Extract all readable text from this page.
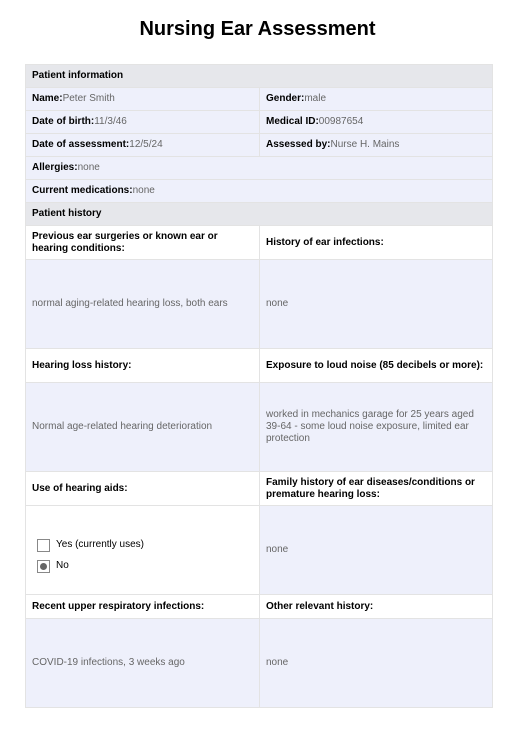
Nursing Ear Assessment
Patient information	
Name:Peter Smith	Gender:male
Date of birth:11/3/46	Medical ID:00987654
Date of assessment:12/5/24	Assessed by:Nurse H. Mains
Allergies:none	
Current medications:none	
Patient history	
Previous ear surgeries or known ear or hearing conditions:	History of ear infections:
normal aging-related hearing loss, both ears	none
Hearing loss history:	Exposure to loud noise (85 decibels or more):
Normal age-related hearing deterioration	worked in mechanics garage for 25 years aged 39-64 - some loud noise exposure, limited ear protection
Use of hearing aids:	Family history of ear diseases/conditions or premature hearing loss:

Yes (currently uses)
No	none
Recent upper respiratory infections:	Other relevant history:
COVID-19 infections, 3 weeks ago	none
